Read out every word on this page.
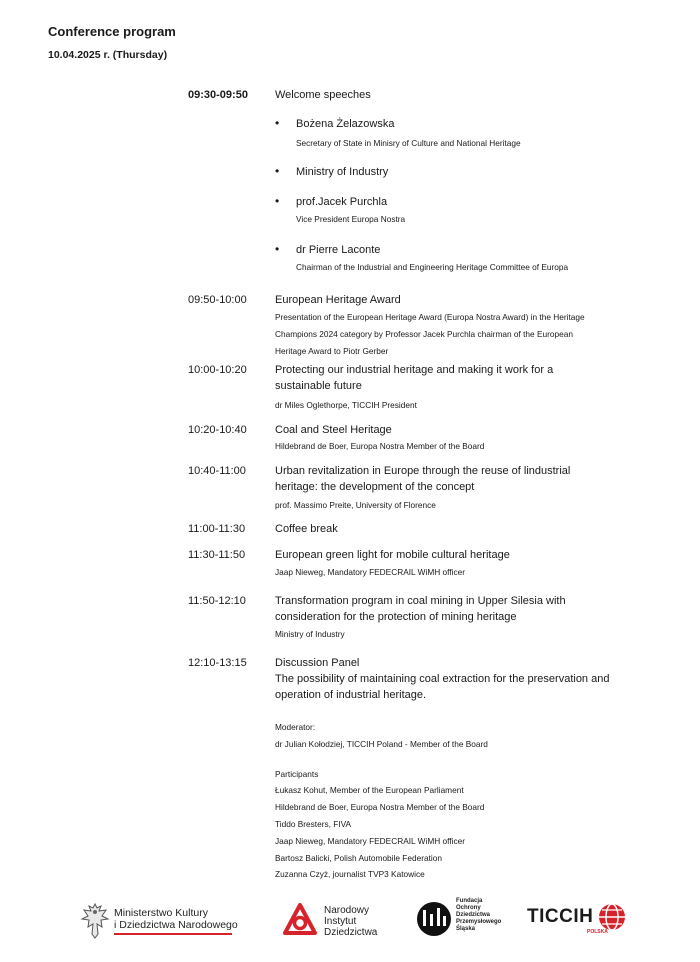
Conference program
10.04.2025 r. (Thursday)
09:30-09:50 Welcome speeches
• Bożena Żelazowska
Secretary of State in Minisry of Culture and National Heritage
• Ministry of Industry
• prof.Jacek Purchla
Vice President Europa Nostra
• dr Pierre Laconte
Chairman of the Industrial and Engineering Heritage Committee of Europa
09:50-10:00	European Heritage Award
Presentation of the European Heritage Award (Europa Nostra Award) in the Heritage
Champions 2024 category by Professor Jacek Purchla chairman of the European
Heritage Award to Piotr Gerber
10:00-10:20	Protecting our industrial heritage and making it work for a sustainable future
dr Miles Oglethorpe, TICCIH President
10:20-10:40	Coal and Steel Heritage
Hildebrand de Boer, Europa Nostra Member of the Board
10:40-11:00	Urban revitalization in Europe through the reuse of lindustrial heritage: the development of the concept
prof. Massimo Preite, University of Florence
11:00-11:30	Coffee break
11:30-11:50	European green light for mobile cultural heritage
Jaap Nieweg, Mandatory FEDECRAIL WiMH officer
11:50-12:10	Transformation program in coal mining in Upper Silesia with consideration for the protection of mining heritage
Ministry of Industry
12:10-13:15	Discussion Panel
The possibility of maintaining coal extraction for the preservation and operation of industrial heritage.
Moderator:
dr Julian Kołodziej, TICCIH Poland - Member of the Board
Participants
Łukasz Kohut, Member of the European Parliament
Hildebrand de Boer, Europa Nostra Member of the Board
Tiddo Bresters, FIVA
Jaap Nieweg, Mandatory FEDECRAIL WiMH officer
Bartosz Balicki, Polish Automobile Federation
Zuzanna Czyż, journalist TVP3 Katowice
Ministerstwo Kultury
i Dziedzictwa Narodowego
Narodowy
Instytut
Dziedzictwa
Fundacja
Ochrony
Dziedzictwa
Przemysłowego
Śląska
TICCIH
POLSKA
